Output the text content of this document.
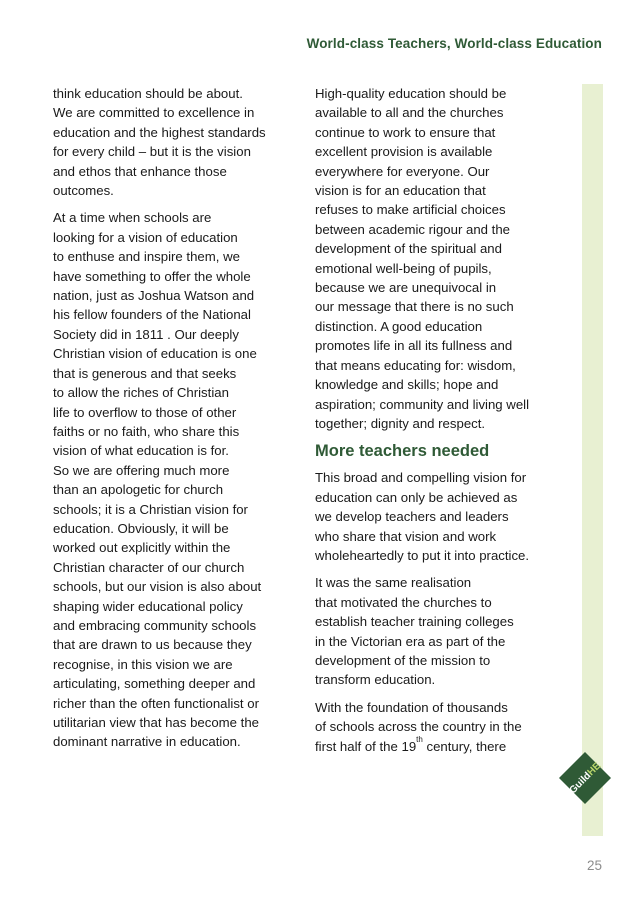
World-class Teachers, World-class Education

think education should be about.
We are committed to excellence in
education and the highest standards
for every child – but it is the vision
and ethos that enhance those
outcomes.

At a time when schools are
looking for a vision of education
to enthuse and inspire them, we
have something to offer the whole
nation, just as Joshua Watson and
his fellow founders of the National
Society did in 1811 . Our deeply
Christian vision of education is one
that is generous and that seeks
to allow the riches of Christian
life to overflow to those of other
faiths or no faith, who share this
vision of what education is for.
So we are offering much more
than an apologetic for church
schools; it is a Christian vision for
education. Obviously, it will be
worked out explicitly within the
Christian character of our church
schools, but our vision is also about
shaping wider educational policy
and embracing community schools
that are drawn to us because they
recognise, in this vision we are
articulating, something deeper and
richer than the often functionalist or
utilitarian view that has become the
dominant narrative in education.

High-quality education should be
available to all and the churches
continue to work to ensure that
excellent provision is available
everywhere for everyone. Our
vision is for an education that
refuses to make artificial choices
between academic rigour and the
development of the spiritual and
emotional well-being of pupils,
because we are unequivocal in
our message that there is no such
distinction. A good education
promotes life in all its fullness and
that means educating for: wisdom,
knowledge and skills; hope and
aspiration; community and living well
together; dignity and respect.

More teachers needed

This broad and compelling vision for
education can only be achieved as
we develop teachers and leaders
who share that vision and work
wholeheartedly to put it into practice.

It was the same realisation
that motivated the churches to
establish teacher training colleges
in the Victorian era as part of the
development of the mission to
transform education.

With the foundation of thousands
of schools across the country in the
first half of the 19th century, there

GuildHE
25
